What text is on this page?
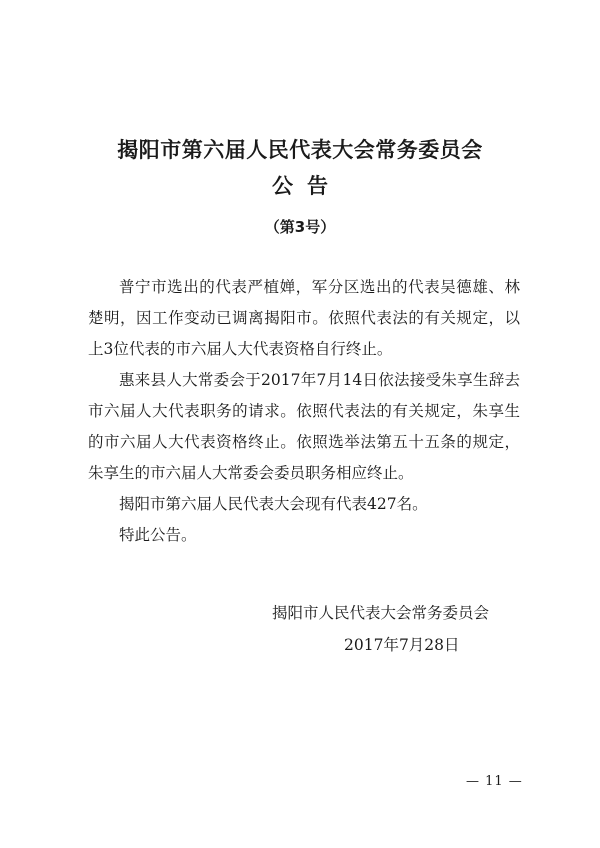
揭阳市第六届人民代表大会常务委员会
公告
（第3号）

普宁市选出的代表严植婵，军分区选出的代表吴德雄、林楚明，因工作变动已调离揭阳市。依照代表法的有关规定，以上3位代表的市六届人大代表资格自行终止。

惠来县人大常委会于2017年7月14日依法接受朱享生辞去市六届人大代表职务的请求。依照代表法的有关规定，朱享生的市六届人大代表资格终止。依照选举法第五十五条的规定，朱享生的市六届人大常委会委员职务相应终止。

揭阳市第六届人民代表大会现有代表427名。

特此公告。

揭阳市人民代表大会常务委员会
2017年7月28日
— 11 —
